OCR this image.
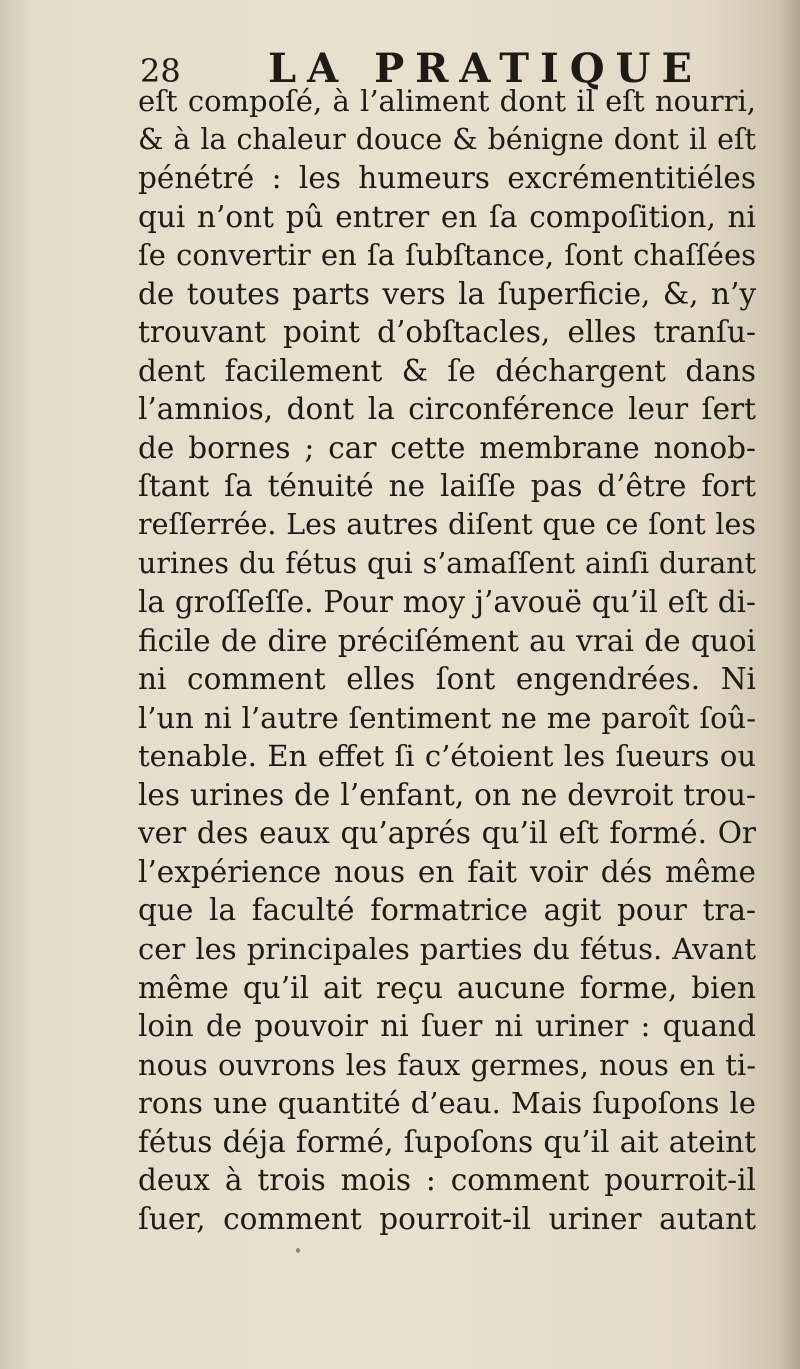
28 LA PRATIQUE
eſt compoſé, à l’aliment dont il eſt nourri,
& à la chaleur douce & bénigne dont il eſt
pénétré : les humeurs excrémentitiéles
qui n’ont pû entrer en ſa compoſition, ni
ſe convertir en ſa ſubſtance, ſont chaſſées
de toutes parts vers la ſuperficie, &, n’y
trouvant point d’obſtacles, elles tranſu-
dent facilement & ſe déchargent dans
l’amnios, dont la circonférence leur ſert
de bornes ; car cette membrane nonob-
ſtant ſa ténuité ne laiſſe pas d’être fort
reſſerrée. Les autres diſent que ce ſont les
urines du fétus qui s’amaſſent ainſi durant
la groſſeſſe. Pour moy j’avouë qu’il eſt di-
ficile de dire préciſément au vrai de quoi
ni comment elles ſont engendrées. Ni
l’un ni l’autre ſentiment ne me paroît ſoû-
tenable. En effet ſi c’étoient les ſueurs ou
les urines de l’enfant, on ne devroit trou-
ver des eaux qu’aprés qu’il eſt formé. Or
l’expérience nous en fait voir dés même
que la faculté formatrice agit pour tra-
cer les principales parties du fétus. Avant
même qu’il ait reçu aucune forme, bien
loin de pouvoir ni ſuer ni uriner : quand
nous ouvrons les faux germes, nous en ti-
rons une quantité d’eau. Mais ſupoſons le
fétus déja formé, ſupoſons qu’il ait ateint
deux à trois mois : comment pourroit-il
ſuer, comment pourroit-il uriner autant
